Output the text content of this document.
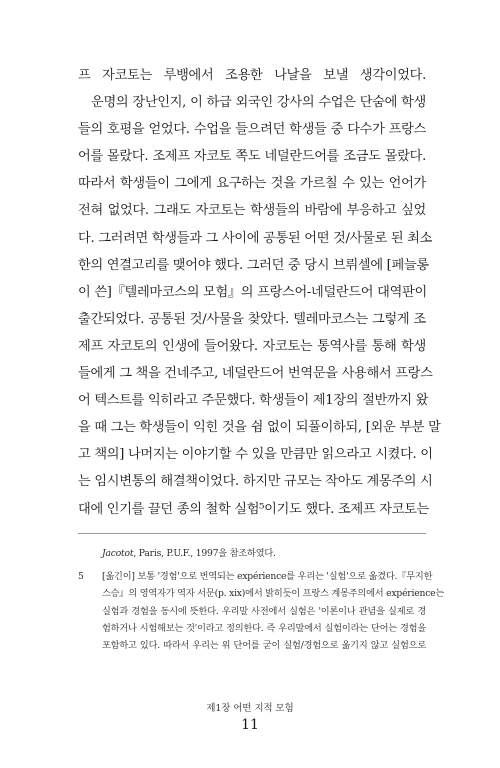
프 자코토는 루뱅에서 조용한 나날을 보낼 생각이었다.
운명의 장난인지, 이 하급 외국인 강사의 수업은 단숨에 학생
들의 호평을 얻었다. 수업을 들으려던 학생들 중 다수가 프랑스
어를 몰랐다. 조제프 자코토 쪽도 네덜란드어를 조금도 몰랐다.
따라서 학생들이 그에게 요구하는 것을 가르칠 수 있는 언어가
전혀 없었다. 그래도 자코토는 학생들의 바람에 부응하고 싶었
다. 그러려면 학생들과 그 사이에 공통된 어떤 것/사물로 된 최소
한의 연결고리를 맺어야 했다. 그러던 중 당시 브뤼셀에 [페늘롱
이 쓴]『텔레마코스의 모험』의 프랑스어-네덜란드어 대역판이
출간되었다. 공통된 것/사물을 찾았다. 텔레마코스는 그렇게 조
제프 자코토의 인생에 들어왔다. 자코토는 통역사를 통해 학생
들에게 그 책을 건네주고, 네덜란드어 번역문을 사용해서 프랑스
어 텍스트를 익히라고 주문했다. 학생들이 제1장의 절반까지 왔
을 때 그는 학생들이 익힌 것을 쉼 없이 되풀이하되, [외운 부분 말
고 책의] 나머지는 이야기할 수 있을 만큼만 읽으라고 시켰다. 이
는 임시변통의 해결책이었다. 하지만 규모는 작아도 계몽주의 시
대에 인기를 끌던 종의 철학 실험⁵이기도 했다. 조제프 자코토는
Jacotot, Paris, P.U.F., 1997을 참조하였다.
5 [옮긴이] 보통 '경험'으로 번역되는 expérience를 우리는 '실험'으로 옮겼다.『무지한
스승』의 영역자가 역자 서문(p. xix)에서 밝히듯이 프랑스 계몽주의에서 expérience는
실험과 경험을 동시에 뜻한다. 우리말 사전에서 실험은 '이론이나 관념을 실제로 경
험하거나 시험해보는 것'이라고 정의한다. 즉 우리말에서 실험이라는 단어는 경험을
포함하고 있다. 따라서 우리는 위 단어를 굳이 실험/경험으로 옮기지 않고 실험으로
제1장 어떤 지적 모험
11
